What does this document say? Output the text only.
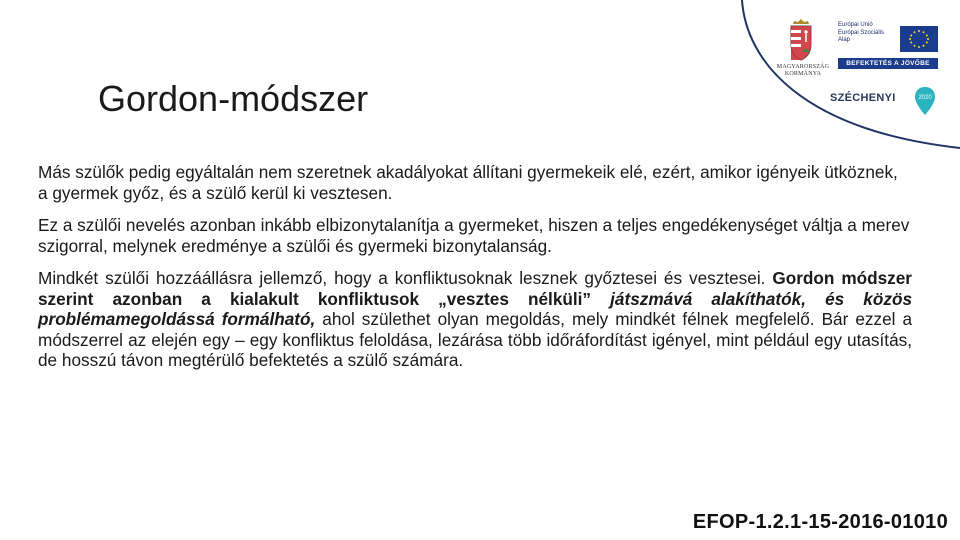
MAGYARORSZÁG
KORMÁNYA
Európai Unió
Európai Szociális
Alap
BEFEKTETÉS A JÖVŐBE
SZÉCHENYI	2020
Gordon-módszer

Más szülők pedig egyáltalán nem szeretnek akadályokat állítani gyermekeik elé, ezért, amikor igényeik ütköznek, a gyermek győz, és a szülő kerül ki vesztesen.

Ez a szülői nevelés azonban inkább elbizonytalanítja a gyermeket, hiszen a teljes engedékenységet váltja a merev szigorral, melynek eredménye a szülői és gyermeki bizonytalanság.

Mindkét szülői hozzáállásra jellemző, hogy a konfliktusoknak lesznek győztesei és vesztesei. Gordon módszer szerint azonban a kialakult konfliktusok „vesztes nélküli” játszmává alakíthatók, és közös problémamegoldássá formálható, ahol születhet olyan megoldás, mely mindkét félnek megfelelő. Bár ezzel a módszerrel az elején egy – egy konfliktus feloldása, lezárása több időráfordítást igényel, mint például egy utasítás, de hosszú távon megtérülő befektetés a szülő számára.

EFOP-1.2.1-15-2016-01010
